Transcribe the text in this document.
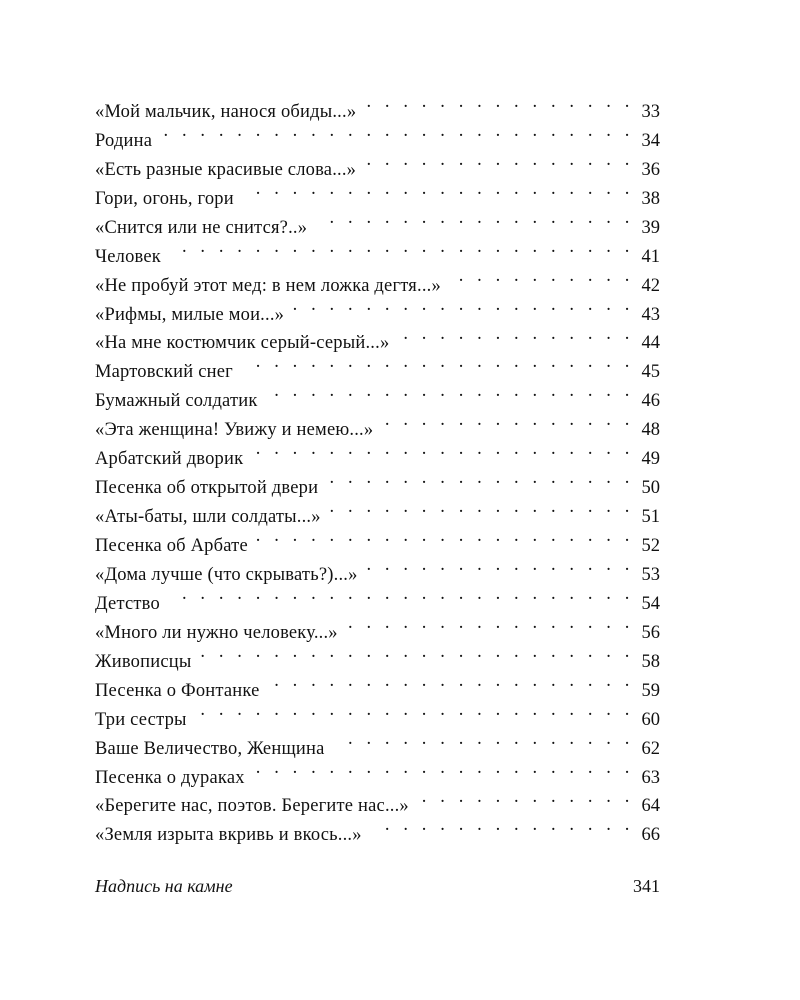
«Мой мальчик, нанося обиды...» . . .	33
Родина . . .	34
«Есть разные красивые слова...» . . .	36
Гори, огонь, гори . . .	38
«Снится или не снится?..» . . .	39
Человек . . .	41
«Не пробуй этот мед: в нем ложка дегтя...» . . .	42
«Рифмы, милые мои...» . . .	43
«На мне костюмчик серый-серый...» . . .	44
Мартовский снег . . .	45
Бумажный солдатик . . .	46
«Эта женщина! Увижу и немею...» . . .	48
Арбатский дворик . . .	49
Песенка об открытой двери . . .	50
«Аты-баты, шли солдаты...» . . .	51
Песенка об Арбате . . .	52
«Дома лучше (что скрывать?)...» . . .	53
Детство . . .	54
«Много ли нужно человеку...» . . .	56
Живописцы . . .	58
Песенка о Фонтанке . . .	59
Три сестры . . .	60
Ваше Величество, Женщина . . .	62
Песенка о дураках . . .	63
«Берегите нас, поэтов. Берегите нас...» . . .	64
«Земля изрыта вкривь и вкось...» . . .	66
Надпись на камне	341
